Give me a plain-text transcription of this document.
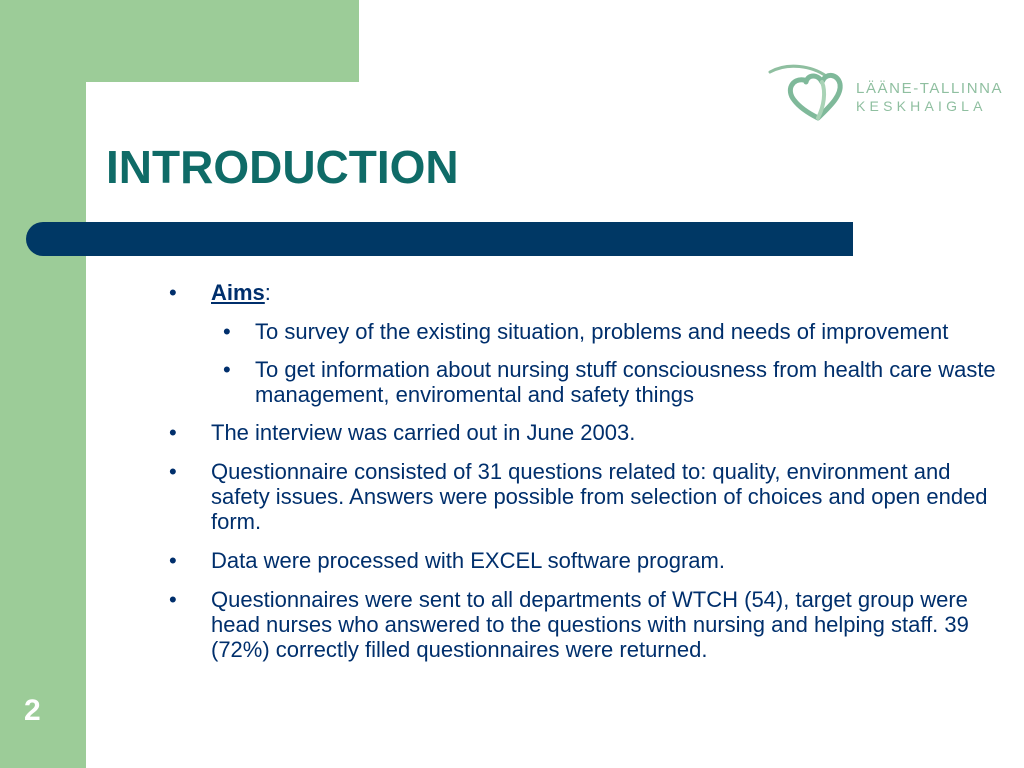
LÄÄNE-TALLINNA
KESKHAIGLA
INTRODUCTION
• Aims:
• To survey of the existing situation, problems and needs of improvement
• To get information about nursing stuff consciousness from health care waste management, enviromental and safety things
• The interview was carried out in June 2003.
• Questionnaire consisted of 31 questions related to: quality, environment and safety issues. Answers were possible from selection of choices and open ended form.
• Data were processed with EXCEL software program.
• Questionnaires were sent to all departments of WTCH (54), target group were head nurses who answered to the questions with nursing and helping staff. 39 (72%) correctly filled questionnaires were returned.
2
